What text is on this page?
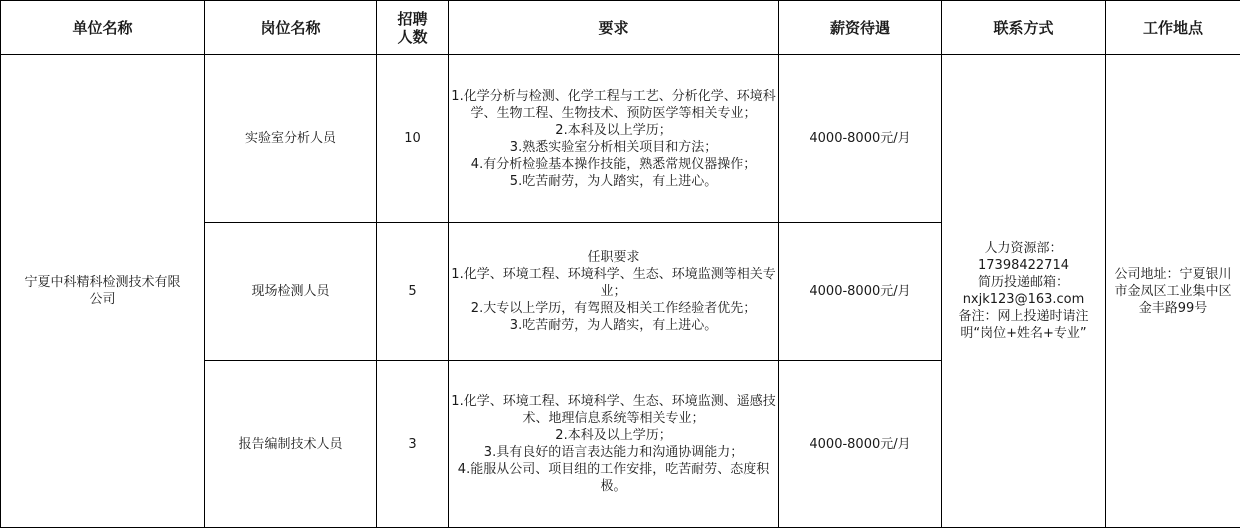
单位名称	岗位名称	招聘人数	要求	薪资待遇	联系方式	工作地点
宁夏中科精科检测技术有限公司	实验室分析人员	10	1.化学分析与检测、化学工程与工艺、分析化学、环境科学、生物工程、生物技术、预防医学等相关专业；
2.本科及以上学历；
3.熟悉实验室分析相关项目和方法；
4.有分析检验基本操作技能，熟悉常规仪器操作；
5.吃苦耐劳，为人踏实，有上进心。	4000-8000元/月	人力资源部：
17398422714
简历投递邮箱：
nxjk123@163.com
备注：网上投递时请注明“岗位+姓名+专业”	公司地址：宁夏银川市金凤区工业集中区金丰路99号
	现场检测人员	5	任职要求
1.化学、环境工程、环境科学、生态、环境监测等相关专业；
2.大专以上学历，有驾照及相关工作经验者优先；
3.吃苦耐劳，为人踏实，有上进心。	4000-8000元/月		
	报告编制技术人员	3	1.化学、环境工程、环境科学、生态、环境监测、遥感技术、地理信息系统等相关专业；
2.本科及以上学历；
3.具有良好的语言表达能力和沟通协调能力；
4.能服从公司、项目组的工作安排，吃苦耐劳、态度积极。	4000-8000元/月		
